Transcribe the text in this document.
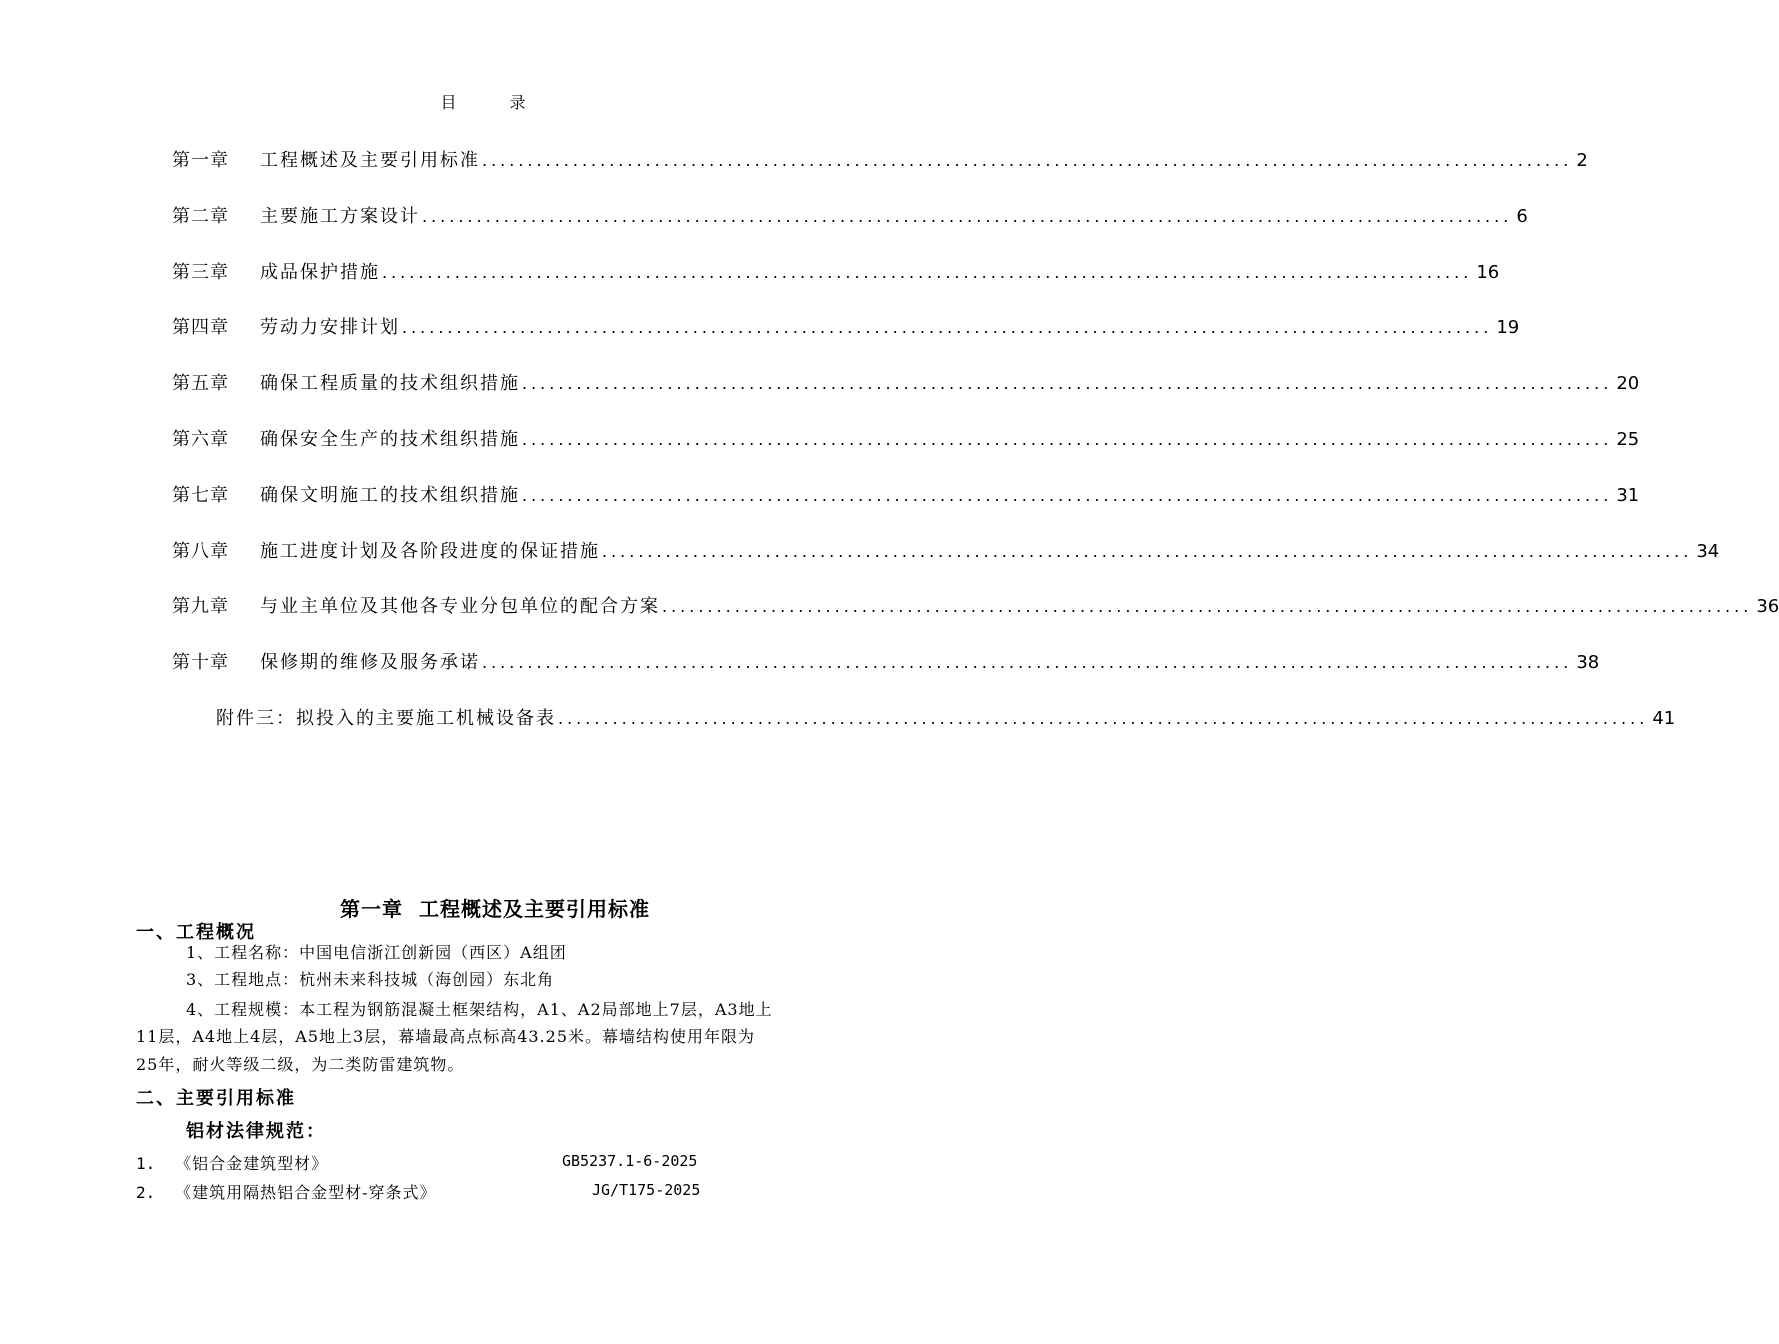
目 录
第一章	工程概述及主要引用标准 ........................................................................................................................ 2
第二章	主要施工方案设计 ........................................................................................................................ 6
第三章	成品保护措施 ........................................................................................................................ 16
第四章	劳动力安排计划 ........................................................................................................................ 19
第五章	确保工程质量的技术组织措施 ........................................................................................................................ 20
第六章	确保安全生产的技术组织措施 ........................................................................................................................ 25
第七章	确保文明施工的技术组织措施 ........................................................................................................................ 31
第八章	施工进度计划及各阶段进度的保证措施 ........................................................................................................................ 34
第九章	与业主单位及其他各专业分包单位的配合方案 ........................................................................................................................ 36
第十章	保修期的维修及服务承诺 ........................................................................................................................ 38
附件三：拟投入的主要施工机械设备表 ........................................................................................................................ 41
第一章  工程概述及主要引用标准
一、工程概况
1、工程名称：中国电信浙江创新园（西区）A组团
3、工程地点：杭州未来科技城（海创园）东北角
4、工程规模：本工程为钢筋混凝土框架结构，A1、A2局部地上7层，A3地上
11层，A4地上4层，A5地上3层，幕墙最高点标高43.25米。幕墙结构使用年限为
25年，耐火等级二级，为二类防雷建筑物。
二、主要引用标准
铝材法律规范：
1. 《铝合金建筑型材》	GB5237.1-6-2025
2. 《建筑用隔热铝合金型材-穿条式》	JG/T175-2025
